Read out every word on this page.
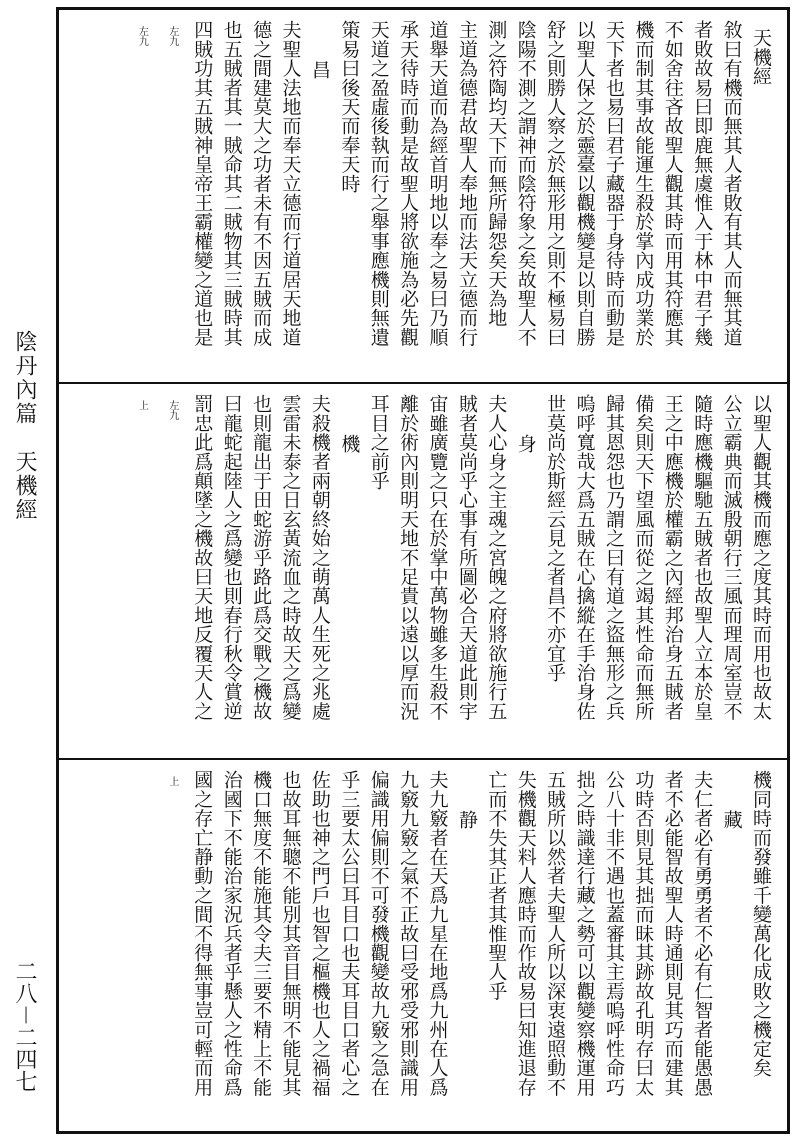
陰丹內篇　天機經
二八－二四七
天機經
敘曰有機而無其人者敗有其人而無其道
者敗故易曰即鹿無虞惟入于林中君子幾
不如舍往吝故聖人觀其時而用其符應其
機而制其事故能運生殺於掌內成功業於
天下者也易曰君子藏器于身待時而動是
以聖人保之於靈臺以觀機變是以則自勝
舒之則勝人察之於無形用之則不極易曰
陰陽不測之謂神而陰符象之矣故聖人不
測之符陶均天下而無所歸怨矣天為地
主道為德君故聖人奉地而法天立德而行
道舉天道而為經首明地以奉之易曰乃順
承天待時而動是故聖人將欲施為必先觀
天道之盈虛後執而行之舉事應機則無遺
策易曰後天而奉天時
昌
夫聖人法地而奉天立德而行道居天地道
德之間建莫大之功者未有不因五賊而成
也五賊者其一賊命其二賊物其三賊時其
四賊功其五賊神皇帝王霸權變之道也是
左九
左九
以聖人觀其機而應之度其時而用也故太
公立霸典而滅殷朝行三風而理周室豈不
隨時應機驅馳五賊者也故聖人立本於皇
王之中應機於權霸之內經邦治身五賊者
備矣則天下望風而從之竭其性命而無所
歸其恩怨也乃謂之曰有道之盜無形之兵
嗚呼寬哉大爲五賊在心擒縱在手治身佐
世莫尚於斯經云見之者昌不亦宜乎
身
夫人心身之主魂之宮魄之府將欲施行五
賊者莫尚乎心事有所圖必合天道此則宇
宙雖廣覽之只在於掌中萬物雖多生殺不
離於術內則明天地不足貴以遠以厚而況
耳目之前乎
機
夫殺機者兩朝終始之萌萬人生死之兆處
雲雷未泰之日玄黃流血之時故天之爲變
也則龍出于田蛇游乎路此爲交戰之機故
曰龍蛇起陸人之爲變也則春行秋令賞逆
罰忠此爲顛墜之機故曰天地反覆天人之
左九
上
機同時而發雖千變萬化成敗之機定矣
藏
夫仁者必有勇勇者不必有仁智者能愚愚
者不必能智故聖人時通則見其巧而建其
功時否則見其拙而昧其跡故孔明存曰太
公八十非不遇也蓋審其主焉嗚呼性命巧
拙之時識達行藏之勢可以觀變察機運用
五賊所以然者夫聖人所以深衷遠照動不
失機觀天料人應時而作故易曰知進退存
亡而不失其正者其惟聖人乎
静
夫九竅者在天爲九星在地爲九州在人爲
九竅九竅之氣不正故曰受邪受邪則識用
偏識用偏則不可發機觀變故九竅之急在
乎三要太公曰耳目口也夫耳目口者心之
佐助也神之門戶也智之樞機也人之禍福
也故耳無聰不能別其音目無明不能見其
機口無度不能施其令夫三要不精上不能
治國下不能治家況兵者乎懸人之性命爲
國之存亡静動之間不得無事豈可輕而用
上
